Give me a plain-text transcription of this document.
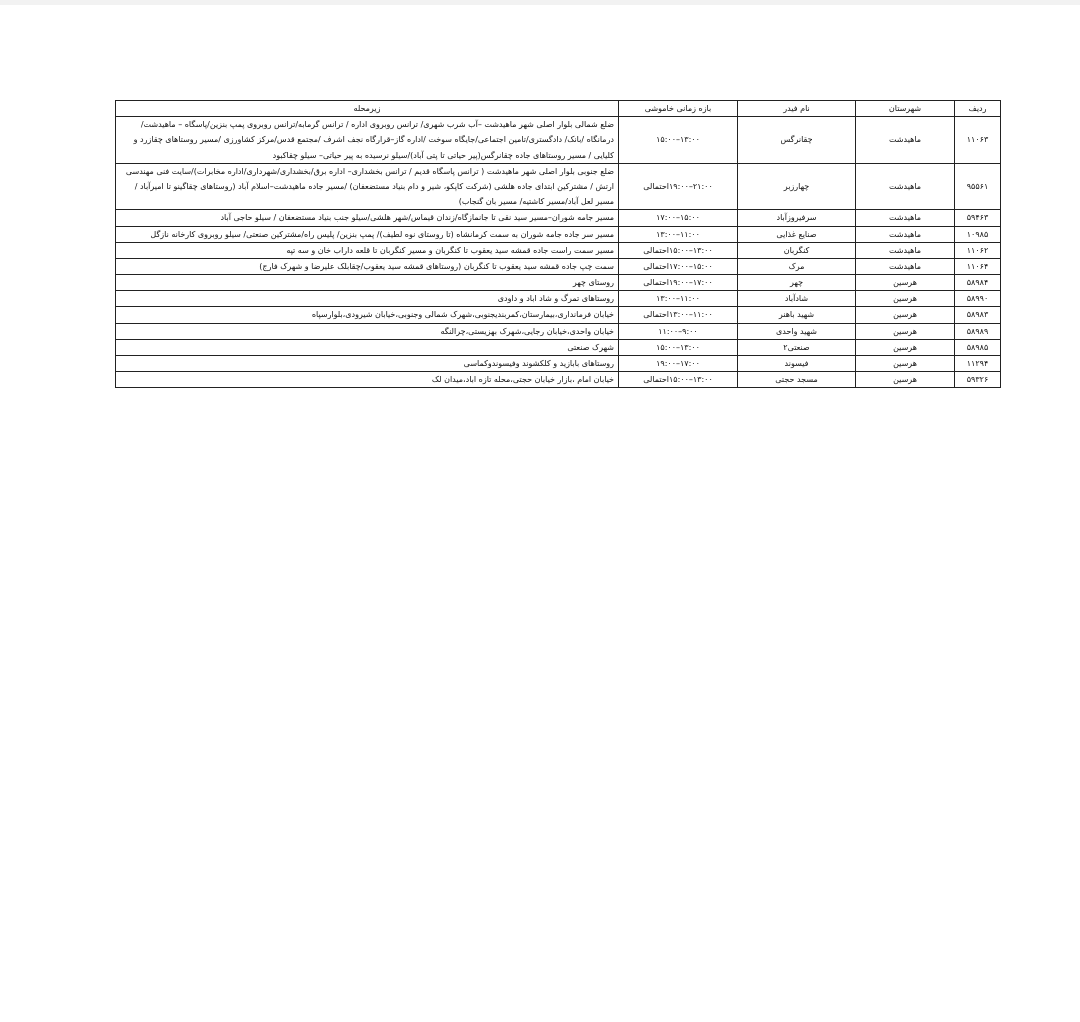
ردیف	شهرستان	نام فیدر	بازه زمانی خاموشی	زیرمحله
۱۱۰۶۳	ماهیدشت	چقانرگس	۱۳:۰۰–۱۵:۰۰	ضلع شمالی بلوار اصلی شهر ماهیدشت –آب شرب شهری/ ترانس روبروی اداره / ترانس گرمابه/ترانس روبروی پمپ بنزین/پاسگاه – ماهیدشت/ درمانگاه /بانک/ دادگستری/تامین اجتماعی/جایگاه سوخت /اداره گاز–قرارگاه نجف اشرف /مجتمع قدس/مرکز کشاورزی /مسیر روستاهای چقازرد و کلیایی / مسیر روستاهای جاده چقانرگس(پیر حیاتی تا پتی آباد)/سیلو نرسیده به پیر حیاتی– سیلو چقاکبود
۹۵۵۶۱	ماهیدشت	چهارزبر	۲۱:۰۰–۱۹:۰۰احتمالی	ضلع جنوبی بلوار اصلی شهر ماهیدشت ( ترانس پاسگاه قدیم / ترانس بخشداری– اداره برق/بخشداری/شهرداری/اداره مخابرات)/سایت فنی مهندسی ارتش / مشترکین ابتدای جاده هلشی (شرکت کاپکو، شیر و دام بنیاد مستضعفان) /مسیر جاده ماهیدشت–اسلام آباد (روستاهای چقاگینو تا امیرآباد / مسیر لعل آباد/مسیر کاشتیه/ مسیر بان گنجاب)
۵۹۴۶۳	ماهیدشت	سرفیروزآباد	۱۵:۰۰–۱۷:۰۰	مسیر جامه شوران–مسیر سید نقی تا جانمازگاه/زندان قیماس/شهر هلشی/سیلو جنب بنیاد مستضعفان / سیلو حاجی آباد
۱۰۹۸۵	ماهیدشت	صنایع غذایی	۱۱:۰۰–۱۳:۰۰	مسیر سر جاده جامه شوران به سمت کرمانشاه (تا روستای نوه لطیف)/ پمپ بنزین/ پلیس راه/مشترکین صنعتی/ سیلو روبروی کارخانه نازگل
۱۱۰۶۲	ماهیدشت	کنگربان	۱۳:۰۰–۱۵:۰۰احتمالی	مسیر سمت راست جاده قمشه سید یعقوب تا کنگربان و مسیر کنگربان تا قلعه داراب خان و سه تپه
۱۱۰۶۴	ماهیدشت	مرک	۱۵:۰۰–۱۷:۰۰احتمالی	سمت چپ جاده قمشه سید یعقوب تا کنگربان (روستاهای قمشه سید یعقوب/چقابلک علیرضا و شهرک فارج)
۵۸۹۸۴	هرسین	چهر	۱۷:۰۰–۱۹:۰۰احتمالی	روستای چهر
۵۸۹۹۰	هرسین	شادآباد	۱۱:۰۰–۱۳:۰۰	روستاهای تمرگ و شاد اباد و داودی
۵۸۹۸۳	هرسین	شهید باهنر	۱۱:۰۰–۱۳:۰۰احتمالی	خیابان فرمانداری،بیمارستان،کمربندیجنوبی،شهرک شمالی وجنوبی،خیابان شیرودی،بلوارسپاه
۵۸۹۸۹	هرسین	شهید واحدی	۹:۰۰–۱۱:۰۰	خیابان واحدی،خیابان رجایی،شهرک بهزیستی،چرالنگه
۵۸۹۸۵	هرسین	صنعتی۲	۱۳:۰۰–۱۵:۰۰	شهرک صنعتی
۱۱۲۹۴	هرسین	فیسوند	۱۷:۰۰–۱۹:۰۰	روستاهای بابازید و کلکشوند وفیسوندوکماسی
۵۹۳۲۶	هرسین	مسجد حجتی	۱۳:۰۰–۱۵:۰۰احتمالی	خیابان امام ،بازار خیابان حجتی،محله تازه اباد،میدان لک
